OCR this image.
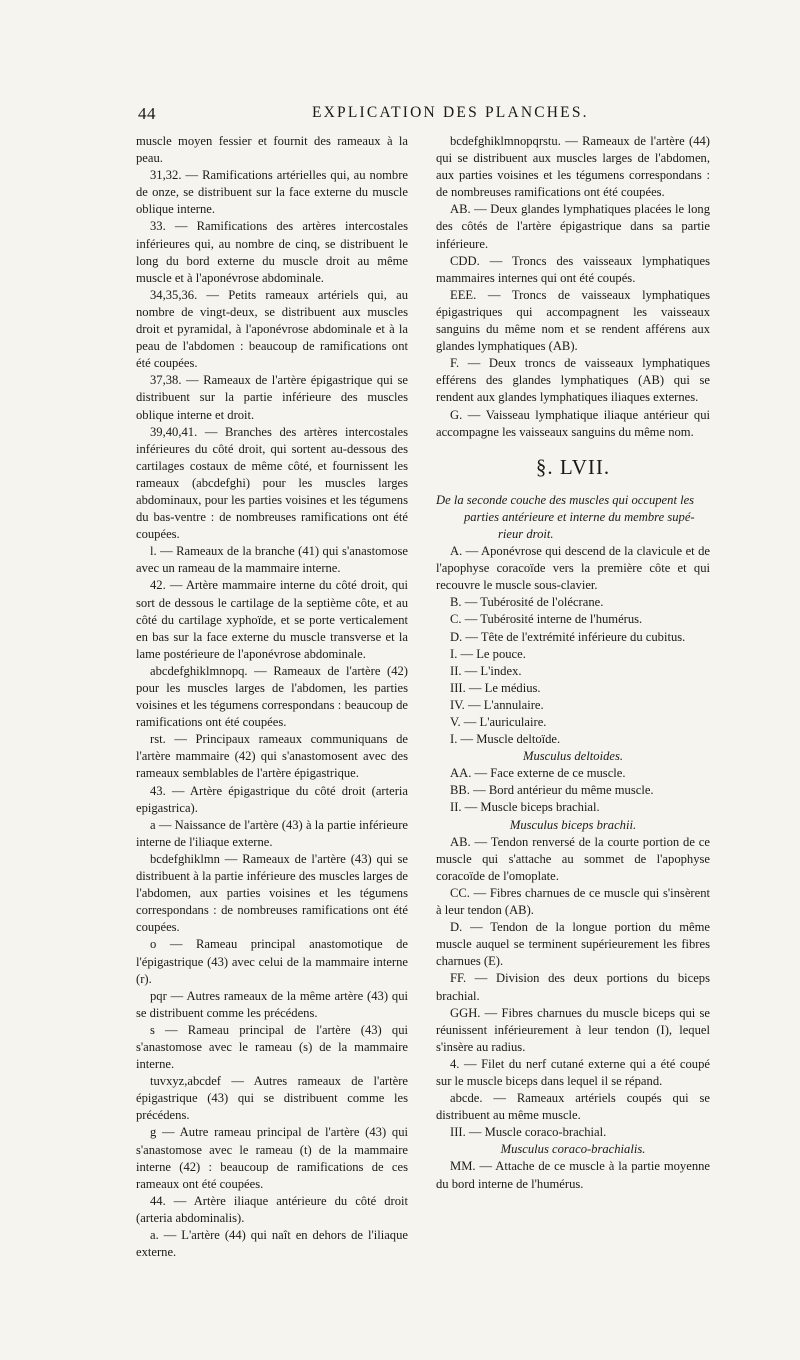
44	EXPLICATION DES PLANCHES.

muscle moyen fessier et fournit des rameaux à la peau.

31,32. — Ramifications artérielles qui, au nombre de onze, se distribuent sur la face externe du muscle oblique interne.

33. — Ramifications des artères intercostales inférieures qui, au nombre de cinq, se distribuent le long du bord externe du muscle droit au même muscle et à l'aponévrose abdominale.

34,35,36. — Petits rameaux artériels qui, au nombre de vingt-deux, se distribuent aux muscles droit et pyramidal, à l'aponévrose abdominale et à la peau de l'abdomen : beaucoup de ramifications ont été coupées.

37,38. — Rameaux de l'artère épigastrique qui se distribuent sur la partie inférieure des muscles oblique interne et droit.

39,40,41. — Branches des artères intercostales inférieures du côté droit, qui sortent au-dessous des cartilages costaux de même côté, et fournissent les rameaux (abcdefghi) pour les muscles larges abdominaux, pour les parties voisines et les tégumens du bas-ventre : de nombreuses ramifications ont été coupées.

l. — Rameaux de la branche (41) qui s'anastomose avec un rameau de la mammaire interne.

42. — Artère mammaire interne du côté droit, qui sort de dessous le cartilage de la septième côte, et au côté du cartilage xyphoïde, et se porte verticalement en bas sur la face externe du muscle transverse et la lame postérieure de l'aponévrose abdominale.

abcdefghiklmnopq. — Rameaux de l'artère (42) pour les muscles larges de l'abdomen, les parties voisines et les tégumens correspondans : beaucoup de ramifications ont été coupées.

rst. — Principaux rameaux communiquans de l'artère mammaire (42) qui s'anastomosent avec des rameaux semblables de l'artère épigastrique.

43. — Artère épigastrique du côté droit (arteria epigastrica).

a — Naissance de l'artère (43) à la partie inférieure interne de l'iliaque externe.

bcdefghiklmn — Rameaux de l'artère (43) qui se distribuent à la partie inférieure des muscles larges de l'abdomen, aux parties voisines et les tégumens correspondans : de nombreuses ramifications ont été coupées.

o — Rameau principal anastomotique de l'épigastrique (43) avec celui de la mammaire interne (r).

pqr — Autres rameaux de la même artère (43) qui se distribuent comme les précédens.

s — Rameau principal de l'artère (43) qui s'anastomose avec le rameau (s) de la mammaire interne.

tuvxyz,abcdef — Autres rameaux de l'artère épigastrique (43) qui se distribuent comme les précédens.

g — Autre rameau principal de l'artère (43) qui s'anastomose avec le rameau (t) de la mammaire interne (42) : beaucoup de ramifications de ces rameaux ont été coupées.

44. — Artère iliaque antérieure du côté droit (arteria abdominalis).

a. — L'artère (44) qui naît en dehors de l'iliaque externe.

bcdefghiklmnopqrstu. — Rameaux de l'artère (44) qui se distribuent aux muscles larges de l'abdomen, aux parties voisines et les tégumens correspondans : de nombreuses ramifications ont été coupées.

AB. — Deux glandes lymphatiques placées le long des côtés de l'artère épigastrique dans sa partie inférieure.

CDD. — Troncs des vaisseaux lymphatiques mammaires internes qui ont été coupés.

EEE. — Troncs de vaisseaux lymphatiques épigastriques qui accompagnent les vaisseaux sanguins du même nom et se rendent afférens aux glandes lymphatiques (AB).

F. — Deux troncs de vaisseaux lymphatiques efférens des glandes lymphatiques (AB) qui se rendent aux glandes lymphatiques iliaques externes.

G. — Vaisseau lymphatique iliaque antérieur qui accompagne les vaisseaux sanguins du même nom.

§. LVII.

De la seconde couche des muscles qui occupent les
parties antérieure et interne du membre supé-
rieur droit.

A. — Aponévrose qui descend de la clavicule et de l'apophyse coracoïde vers la première côte et qui recouvre le muscle sous-clavier.

B. — Tubérosité de l'olécrane.

C. — Tubérosité interne de l'humérus.

D. — Tête de l'extrémité inférieure du cubitus.

I. — Le pouce.

II. — L'index.

III. — Le médius.

IV. — L'annulaire.

V. — L'auriculaire.

I. — Muscle deltoïde.

Musculus deltoides.

AA. — Face externe de ce muscle.

BB. — Bord antérieur du même muscle.

II. — Muscle biceps brachial.

Musculus biceps brachii.

AB. — Tendon renversé de la courte portion de ce muscle qui s'attache au sommet de l'apophyse coracoïde de l'omoplate.

CC. — Fibres charnues de ce muscle qui s'insèrent à leur tendon (AB).

D. — Tendon de la longue portion du même muscle auquel se terminent supérieurement les fibres charnues (E).

FF. — Division des deux portions du biceps brachial.

GGH. — Fibres charnues du muscle biceps qui se réunissent inférieurement à leur tendon (I), lequel s'insère au radius.

4. — Filet du nerf cutané externe qui a été coupé sur le muscle biceps dans lequel il se répand.

abcde. — Rameaux artériels coupés qui se distribuent au même muscle.

III. — Muscle coraco-brachial.

Musculus coraco-brachialis.

MM. — Attache de ce muscle à la partie moyenne du bord interne de l'humérus.
